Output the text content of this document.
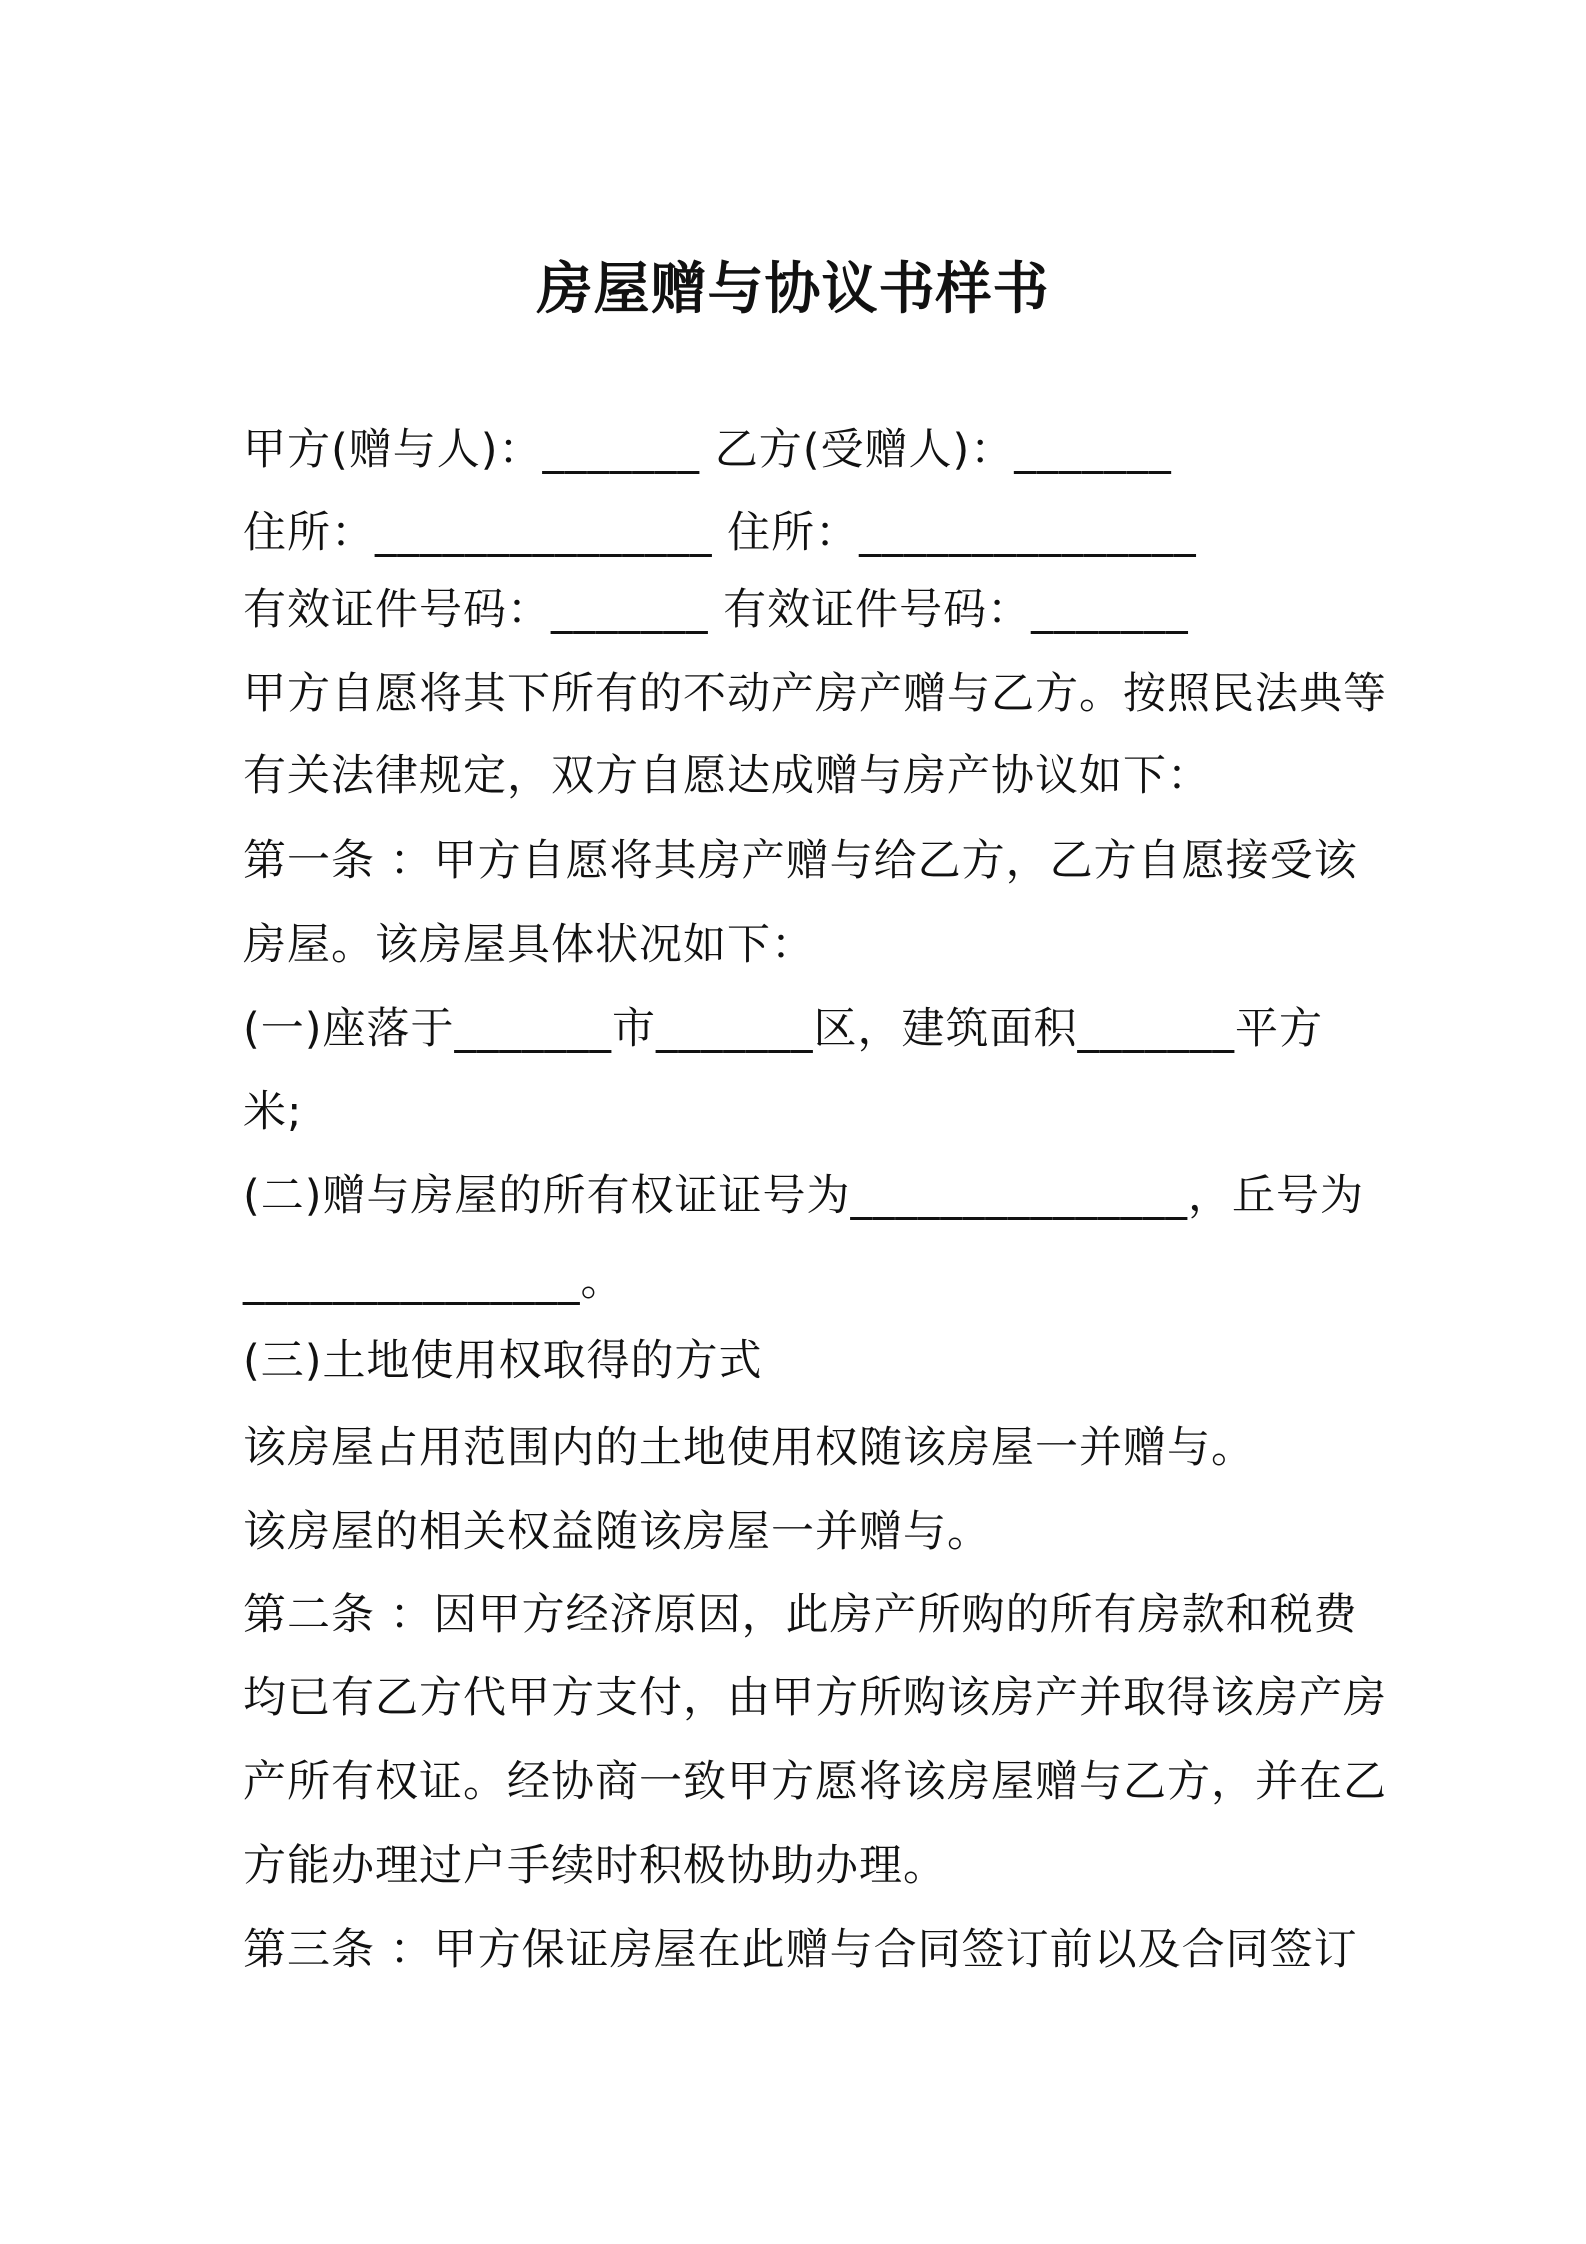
房屋赠与协议书样书
甲方(赠与人)：_______ 乙方(受赠人)：_______
住所：_______________ 住所：_______________
有效证件号码：_______ 有效证件号码：_______
甲方自愿将其下所有的不动产房产赠与乙方。按照民法典等
有关法律规定，双方自愿达成赠与房产协议如下：
第一条 ：甲方自愿将其房产赠与给乙方，乙方自愿接受该
房屋。该房屋具体状况如下：
(一)座落于_______市_______区，建筑面积_______平方
米;
(二)赠与房屋的所有权证证号为_______________，丘号为
_______________。
(三)土地使用权取得的方式
该房屋占用范围内的土地使用权随该房屋一并赠与。
该房屋的相关权益随该房屋一并赠与。
第二条 ：因甲方经济原因，此房产所购的所有房款和税费
均已有乙方代甲方支付，由甲方所购该房产并取得该房产房
产所有权证。经协商一致甲方愿将该房屋赠与乙方，并在乙
方能办理过户手续时积极协助办理。
第三条 ：甲方保证房屋在此赠与合同签订前以及合同签订
